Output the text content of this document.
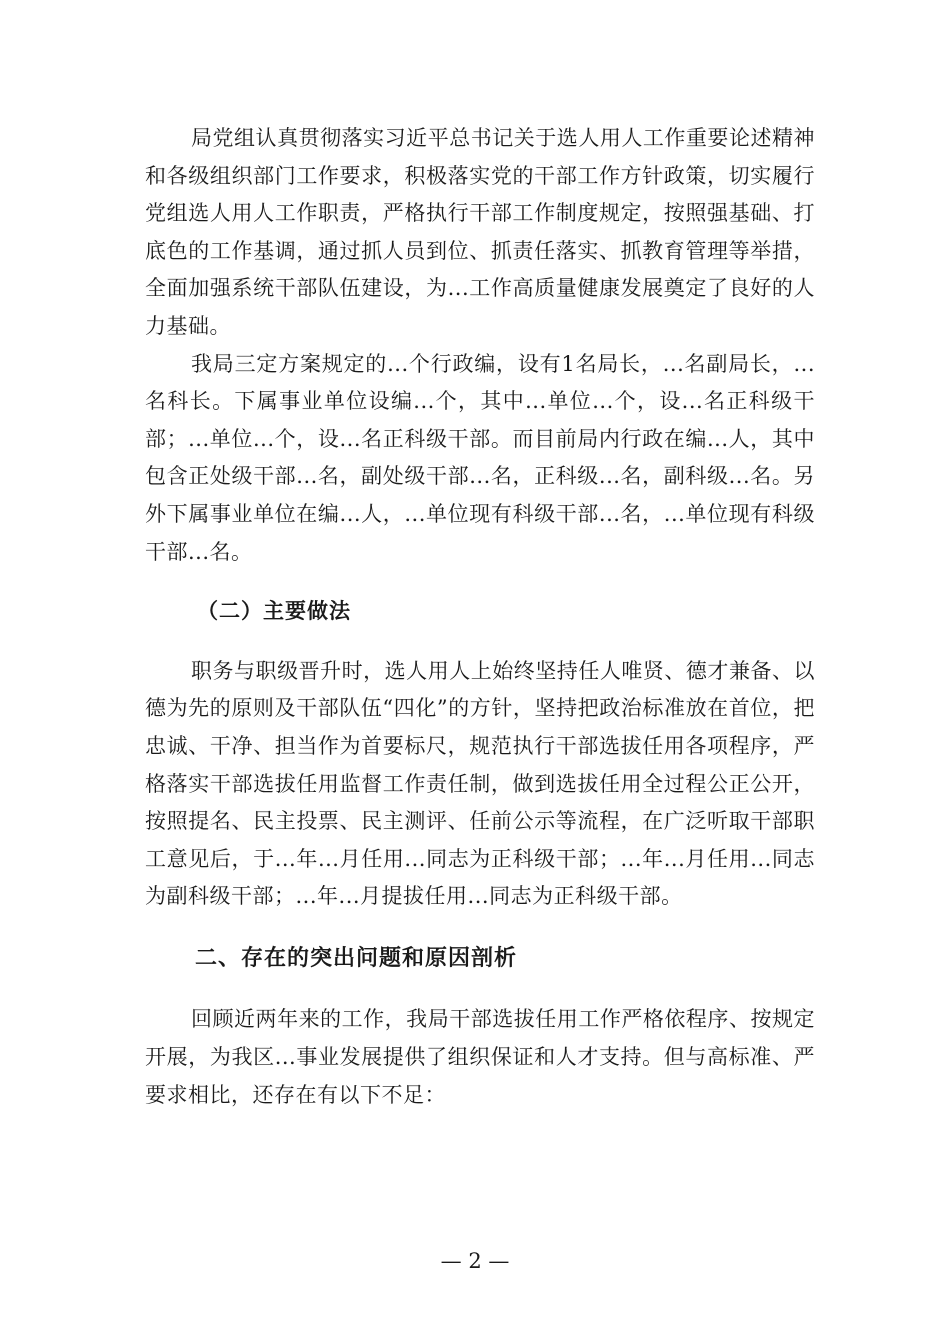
局党组认真贯彻落实习近平总书记关于选人用人工作重要论述精神和各级组织部门工作要求，积极落实党的干部工作方针政策，切实履行党组选人用人工作职责，严格执行干部工作制度规定，按照强基础、打底色的工作基调，通过抓人员到位、抓责任落实、抓教育管理等举措，全面加强系统干部队伍建设，为...工作高质量健康发展奠定了良好的人力基础。

我局三定方案规定的...个行政编，设有1名局长，...名副局长，...名科长。下属事业单位设编...个，其中...单位...个，设...名正科级干部；...单位...个，设...名正科级干部。而目前局内行政在编...人，其中包含正处级干部...名，副处级干部...名，正科级...名，副科级...名。另外下属事业单位在编...人，...单位现有科级干部...名，...单位现有科级干部...名。

（二）主要做法

职务与职级晋升时，选人用人上始终坚持任人唯贤、德才兼备、以德为先的原则及干部队伍“四化”的方针，坚持把政治标准放在首位，把忠诚、干净、担当作为首要标尺，规范执行干部选拔任用各项程序，严格落实干部选拔任用监督工作责任制，做到选拔任用全过程公正公开，按照提名、民主投票、民主测评、任前公示等流程，在广泛听取干部职工意见后，于...年...月任用...同志为正科级干部；...年...月任用...同志为副科级干部；...年...月提拔任用...同志为正科级干部。

二、存在的突出问题和原因剖析

回顾近两年来的工作，我局干部选拔任用工作严格依程序、按规定开展，为我区...事业发展提供了组织保证和人才支持。但与高标准、严要求相比，还存在有以下不足：

— 2 —
